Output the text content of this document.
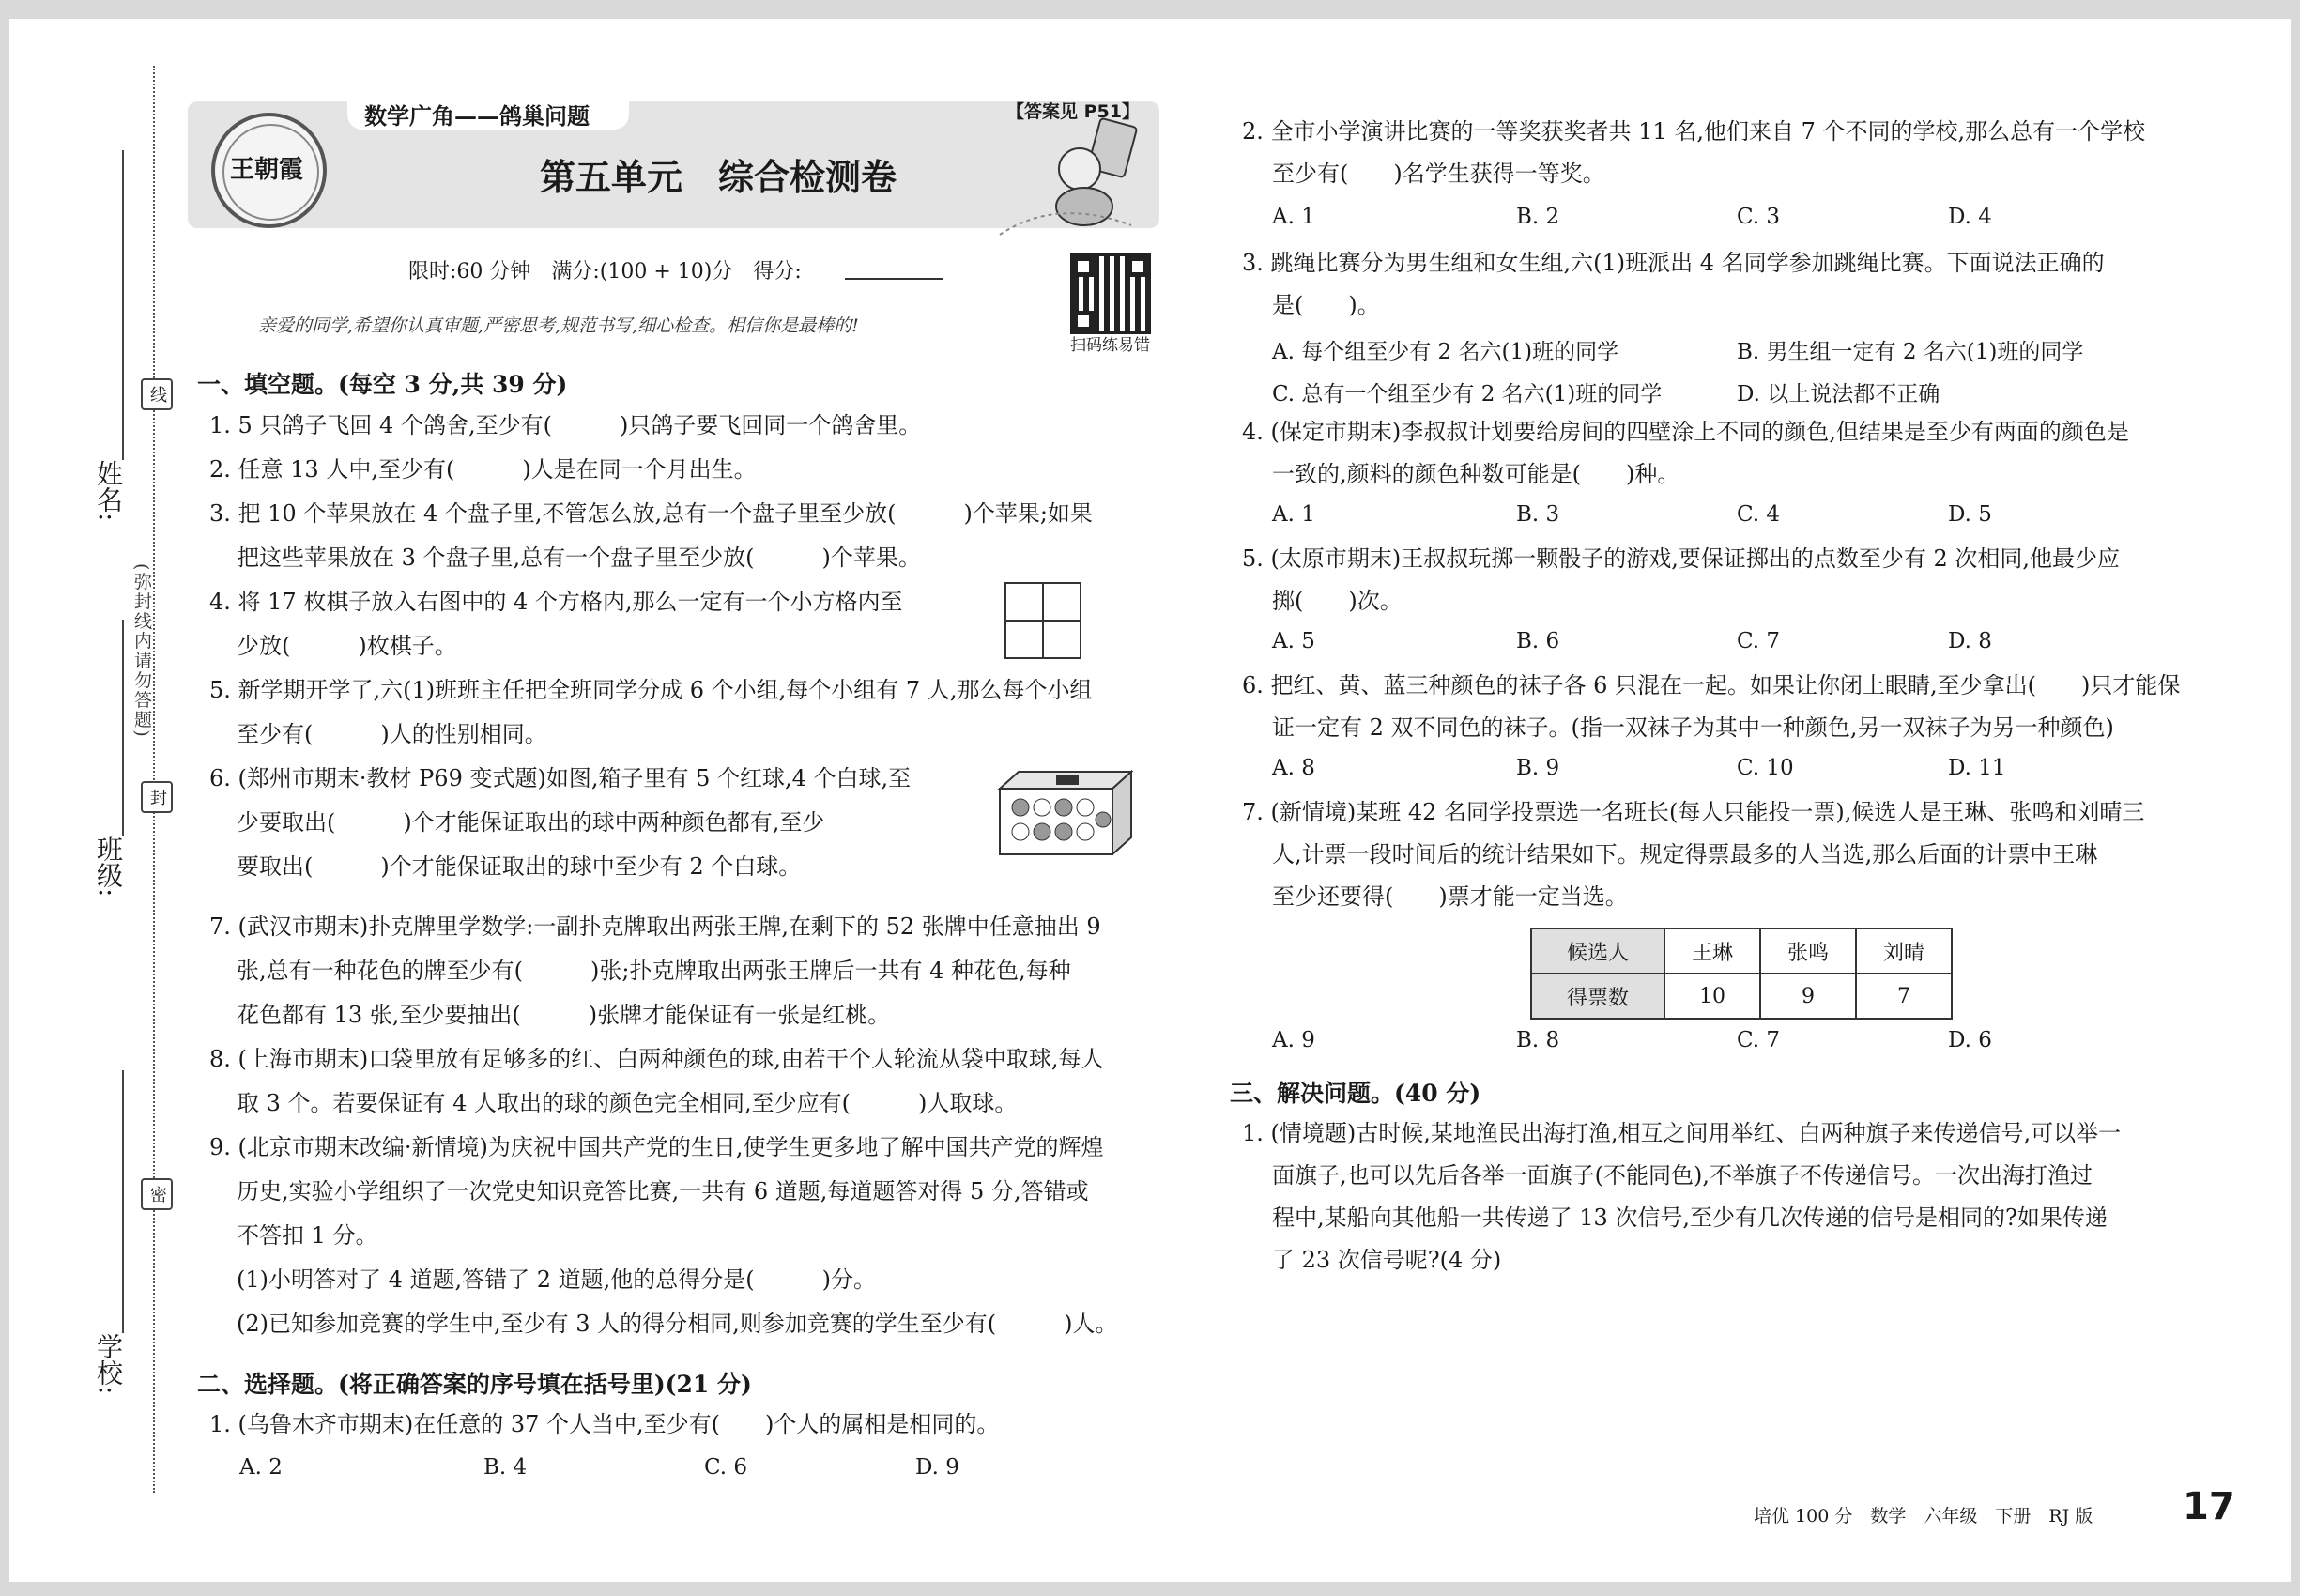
姓名:
班级:
学校:
(弥封线内请勿答题)
线
封
密
数学广角——鸽巢问题	【答案见 P51】
第五单元　综合检测卷
王朝霞
限时:60 分钟　满分:(100 + 10)分　得分:
扫码练易错
亲爱的同学,希望你认真审题,严密思考,规范书写,细心检查。相信你是最棒的!
一、填空题。(每空 3 分,共 39 分)
1. 5 只鸽子飞回 4 个鸽舍,至少有(　　　)只鸽子要飞回同一个鸽舍里。
2. 任意 13 人中,至少有(　　　)人是在同一个月出生。
3. 把 10 个苹果放在 4 个盘子里,不管怎么放,总有一个盘子里至少放(　　　)个苹果;如果
把这些苹果放在 3 个盘子里,总有一个盘子里至少放(　　　)个苹果。
4. 将 17 枚棋子放入右图中的 4 个方格内,那么一定有一个小方格内至
少放(　　　)枚棋子。
5. 新学期开学了,六(1)班班主任把全班同学分成 6 个小组,每个小组有 7 人,那么每个小组
至少有(　　　)人的性别相同。
6. (郑州市期末·教材 P69 变式题)如图,箱子里有 5 个红球,4 个白球,至
少要取出(　　　)个才能保证取出的球中两种颜色都有,至少
要取出(　　　)个才能保证取出的球中至少有 2 个白球。
7. (武汉市期末)扑克牌里学数学:一副扑克牌取出两张王牌,在剩下的 52 张牌中任意抽出 9
张,总有一种花色的牌至少有(　　　)张;扑克牌取出两张王牌后一共有 4 种花色,每种
花色都有 13 张,至少要抽出(　　　)张牌才能保证有一张是红桃。
8. (上海市期末)口袋里放有足够多的红、白两种颜色的球,由若干个人轮流从袋中取球,每人
取 3 个。若要保证有 4 人取出的球的颜色完全相同,至少应有(　　　)人取球。
9. (北京市期末改编·新情境)为庆祝中国共产党的生日,使学生更多地了解中国共产党的辉煌
历史,实验小学组织了一次党史知识竞答比赛,一共有 6 道题,每道题答对得 5 分,答错或
不答扣 1 分。
(1)小明答对了 4 道题,答错了 2 道题,他的总得分是(　　　)分。
(2)已知参加竞赛的学生中,至少有 3 人的得分相同,则参加竞赛的学生至少有(　　　)人。
二、选择题。(将正确答案的序号填在括号里)(21 分)
1. (乌鲁木齐市期末)在任意的 37 个人当中,至少有(　　)个人的属相是相同的。
A. 2	B. 4	C. 6	D. 9
2. 全市小学演讲比赛的一等奖获奖者共 11 名,他们来自 7 个不同的学校,那么总有一个学校
至少有(　　)名学生获得一等奖。
A. 1	B. 2	C. 3	D. 4
3. 跳绳比赛分为男生组和女生组,六(1)班派出 4 名同学参加跳绳比赛。下面说法正确的
是(　　)。
A. 每个组至少有 2 名六(1)班的同学	B. 男生组一定有 2 名六(1)班的同学
C. 总有一个组至少有 2 名六(1)班的同学	D. 以上说法都不正确
4. (保定市期末)李叔叔计划要给房间的四壁涂上不同的颜色,但结果是至少有两面的颜色是
一致的,颜料的颜色种数可能是(　　)种。
A. 1	B. 3	C. 4	D. 5
5. (太原市期末)王叔叔玩掷一颗骰子的游戏,要保证掷出的点数至少有 2 次相同,他最少应
掷(　　)次。
A. 5	B. 6	C. 7	D. 8
6. 把红、黄、蓝三种颜色的袜子各 6 只混在一起。如果让你闭上眼睛,至少拿出(　　)只才能保
证一定有 2 双不同色的袜子。(指一双袜子为其中一种颜色,另一双袜子为另一种颜色)
A. 8	B. 9	C. 10	D. 11
7. (新情境)某班 42 名同学投票选一名班长(每人只能投一票),候选人是王琳、张鸣和刘晴三
人,计票一段时间后的统计结果如下。规定得票最多的人当选,那么后面的计票中王琳
至少还要得(　　)票才能一定当选。
候选人	王琳	张鸣	刘晴
得票数	10	9	7
A. 9	B. 8	C. 7	D. 6
三、解决问题。(40 分)
1. (情境题)古时候,某地渔民出海打渔,相互之间用举红、白两种旗子来传递信号,可以举一
面旗子,也可以先后各举一面旗子(不能同色),不举旗子不传递信号。一次出海打渔过
程中,某船向其他船一共传递了 13 次信号,至少有几次传递的信号是相同的?如果传递
了 23 次信号呢?(4 分)
培优 100 分　数学　六年级　下册　RJ 版 17
